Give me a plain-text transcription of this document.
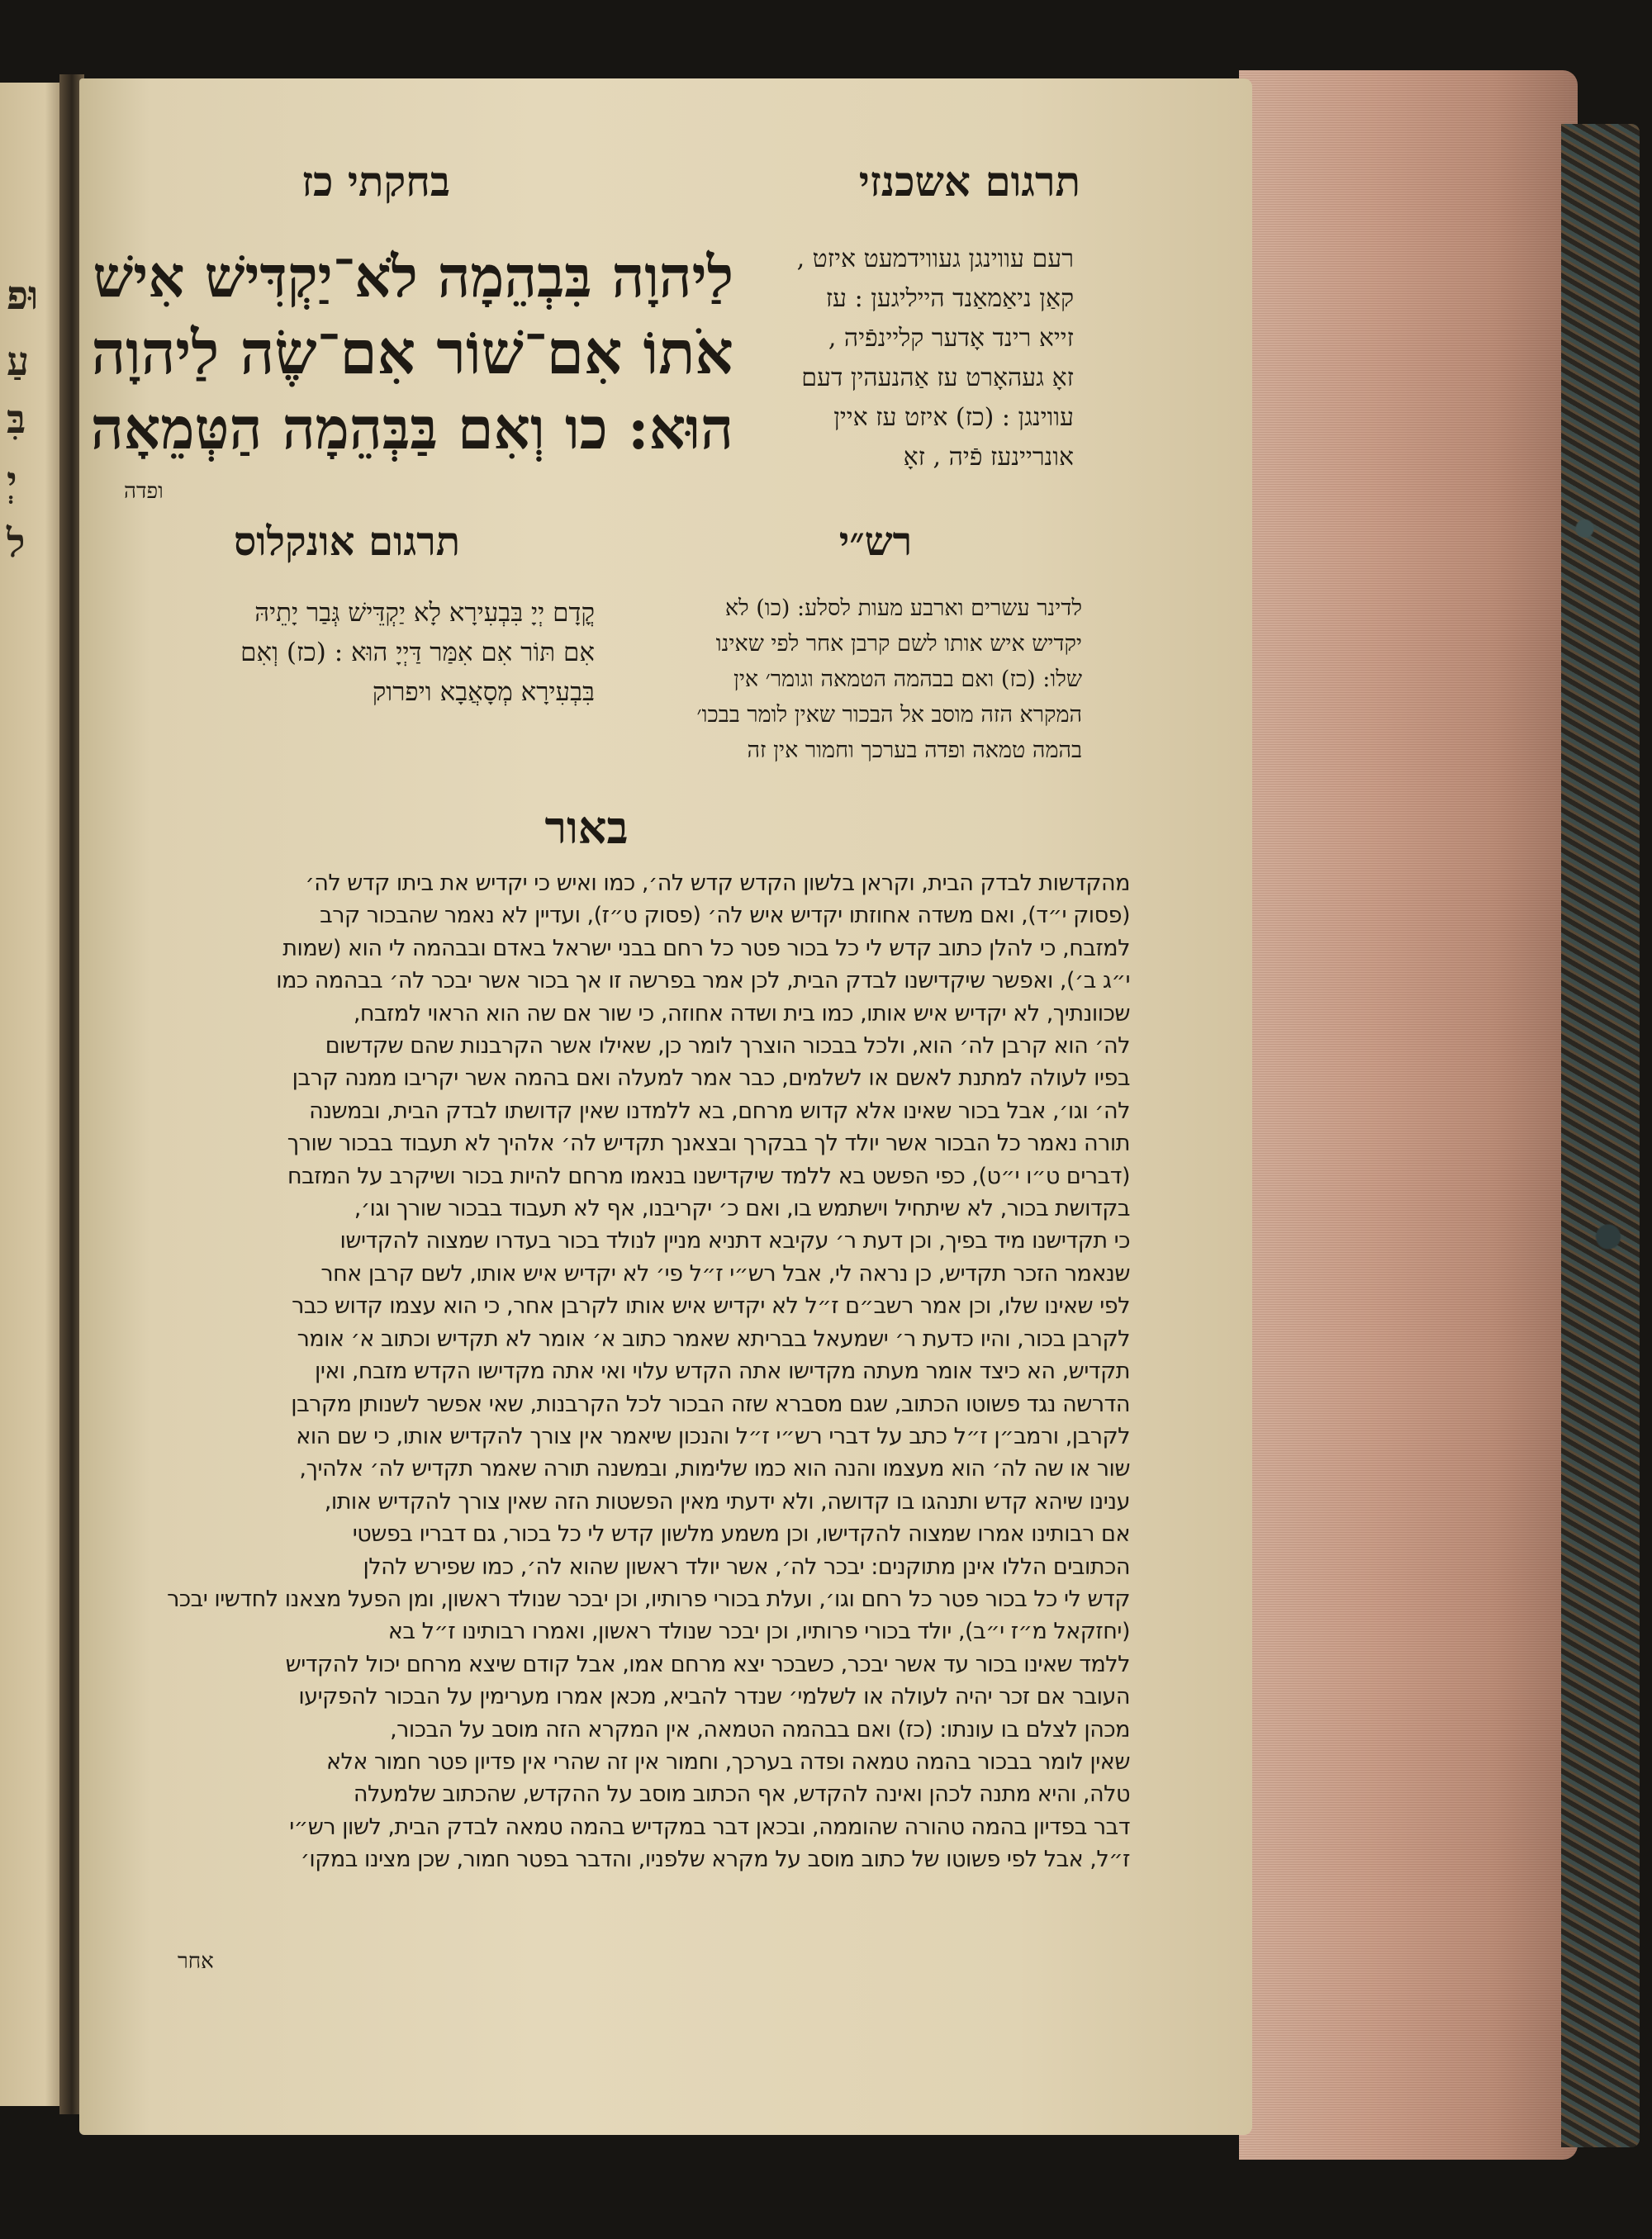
וּפ
עַ
בִּ
יְ
ל
תרגום אשכנזי
בחקתי כז
לַיהוָה בִּבְהֵמָה לֹא־יַקְדִּישׁ אִישׁ
אֹתוֹ אִם־שׁוֹר אִם־שֶׂה לַיהוָה
הוּא: כו וְאִם בַּבְּהֵמָה הַטְּמֵאָה
ופדה
רעם עווינגן געווידמעט איזט ,
קאַן ניאַמאַנד הייליגען : עז
זייא רינד אָדער קליינפֿיה ,
זאָ געהאָרט עז אַהנעהין דעם
עווינגן : (כז) איזט עז איין
אונריינעז פֿיה , זאָ
רש״י
לדינר עשרים וארבע מעות לסלע: (כו) לא
יקדיש איש אותו לשם קרבן אחר לפי שאינו
שלו: (כז) ואם בבהמה הטמאה וגומר׳ אין
המקרא הזה מוסב אל הבכור שאין לומר בבכו׳
בהמה טמאה ופדה בערכך וחמור אין זה
תרגום אונקלוס
קֳדָם יְיָ בִּבְעִירָא לָא יַקְדֵּישׁ גְּבַר יָתֵיהּ
אִם תּוֹר אִם אִמַּר דַּיְיָ הוּא : (כז) וְאִם
בִּבְעִירָא מְסָאֲבָא ויפרוק
באור
מהקדשות לבדק הבית, וקראן בלשון הקדש קדש לה׳, כמו ואיש כי יקדיש את ביתו קדש לה׳
(פסוק י״ד), ואם משדה אחוזתו יקדיש איש לה׳ (פסוק ט״ז), ועדיין לא נאמר שהבכור קרב
למזבח, כי להלן כתוב קדש לי כל בכור פטר כל רחם בבני ישראל באדם ובבהמה לי הוא (שמות
י״ג ב׳), ואפשר שיקדישנו לבדק הבית, לכן אמר בפרשה זו אך בכור אשר יבכר לה׳ בבהמה כמו
שכוונתיך, לא יקדיש איש אותו, כמו בית ושדה אחוזה, כי שור אם שה הוא הראוי למזבח,
לה׳ הוא קרבן לה׳ הוא, ולכל בבכור הוצרך לומר כן, שאילו אשר הקרבנות שהם שקדשום
בפיו לעולה למתנת לאשם או לשלמים, כבר אמר למעלה ואם בהמה אשר יקריבו ממנה קרבן
לה׳ וגו׳, אבל בכור שאינו אלא קדוש מרחם, בא ללמדנו שאין קדושתו לבדק הבית, ובמשנה
תורה נאמר כל הבכור אשר יולד לך בבקרך ובצאנך תקדיש לה׳ אלהיך לא תעבוד בבכור שורך
(דברים ט״ו י״ט), כפי הפשט בא ללמד שיקדישנו בנאמו מרחם להיות בכור ושיקרב על המזבח
בקדושת בכור, לא שיתחיל וישתמש בו, ואם כ׳ יקריבנו, אף לא תעבוד בבכור שורך וגו׳,
כי תקדישנו מיד בפיך, וכן דעת ר׳ עקיבא דתניא מניין לנולד בכור בעדרו שמצוה להקדישו
שנאמר הזכר תקדיש, כן נראה לי, אבל רש״י ז״ל פי׳ לא יקדיש איש אותו, לשם קרבן אחר
לפי שאינו שלו, וכן אמר רשב״ם ז״ל לא יקדיש איש אותו לקרבן אחר, כי הוא עצמו קדוש כבר
לקרבן בכור, והיו כדעת ר׳ ישמעאל בבריתא שאמר כתוב א׳ אומר לא תקדיש וכתוב א׳ אומר
תקדיש, הא כיצד אומר מעתה מקדישו אתה הקדש עלוי ואי אתה מקדישו הקדש מזבח, ואין
הדרשה נגד פשוטו הכתוב, שגם מסברא שזה הבכור לכל הקרבנות, שאי אפשר לשנותן מקרבן
לקרבן, ורמב״ן ז״ל כתב על דברי רש״י ז״ל והנכון שיאמר אין צורך להקדיש אותו, כי שם הוא
שור או שה לה׳ הוא מעצמו והנה הוא כמו שלימות, ובמשנה תורה שאמר תקדיש לה׳ אלהיך,
ענינו שיהא קדש ותנהגו בו קדושה, ולא ידעתי מאין הפשטות הזה שאין צורך להקדיש אותו,
אם רבותינו אמרו שמצוה להקדישו, וכן משמע מלשון קדש לי כל בכור, גם דבריו בפשטי
הכתובים הללו אינן מתוקנים: יבכר לה׳, אשר יולד ראשון שהוא לה׳, כמו שפירש להלן
קדש לי כל בכור פטר כל רחם וגו׳, ועלת בכורי פרותיו, וכן יבכר שנולד ראשון, ומן הפעל מצאנו לחדשיו יבכר
(יחזקאל מ״ז י״ב), יולד בכורי פרותיו, וכן יבכר שנולד ראשון, ואמרו רבותינו ז״ל בא
ללמד שאינו בכור עד אשר יבכר, כשבכר יצא מרחם אמו, אבל קודם שיצא מרחם יכול להקדיש
העובר אם זכר יהיה לעולה או לשלמי׳ שנדר להביא, מכאן אמרו מערימין על הבכור להפקיעו
מכהן לצלם בו עונתו: (כז) ואם בבהמה הטמאה, אין המקרא הזה מוסב על הבכור,
שאין לומר בבכור בהמה טמאה ופדה בערכך, וחמור אין זה שהרי אין פדיון פטר חמור אלא
טלה, והיא מתנה לכהן ואינה להקדש, אף הכתוב מוסב על ההקדש, שהכתוב שלמעלה
דבר בפדיון בהמה טהורה שהוממה, ובכאן דבר במקדיש בהמה טמאה לבדק הבית, לשון רש״י
ז״ל, אבל לפי פשוטו של כתוב מוסב על מקרא שלפניו, והדבר בפטר חמור, שכן מצינו במקו׳
אחר
